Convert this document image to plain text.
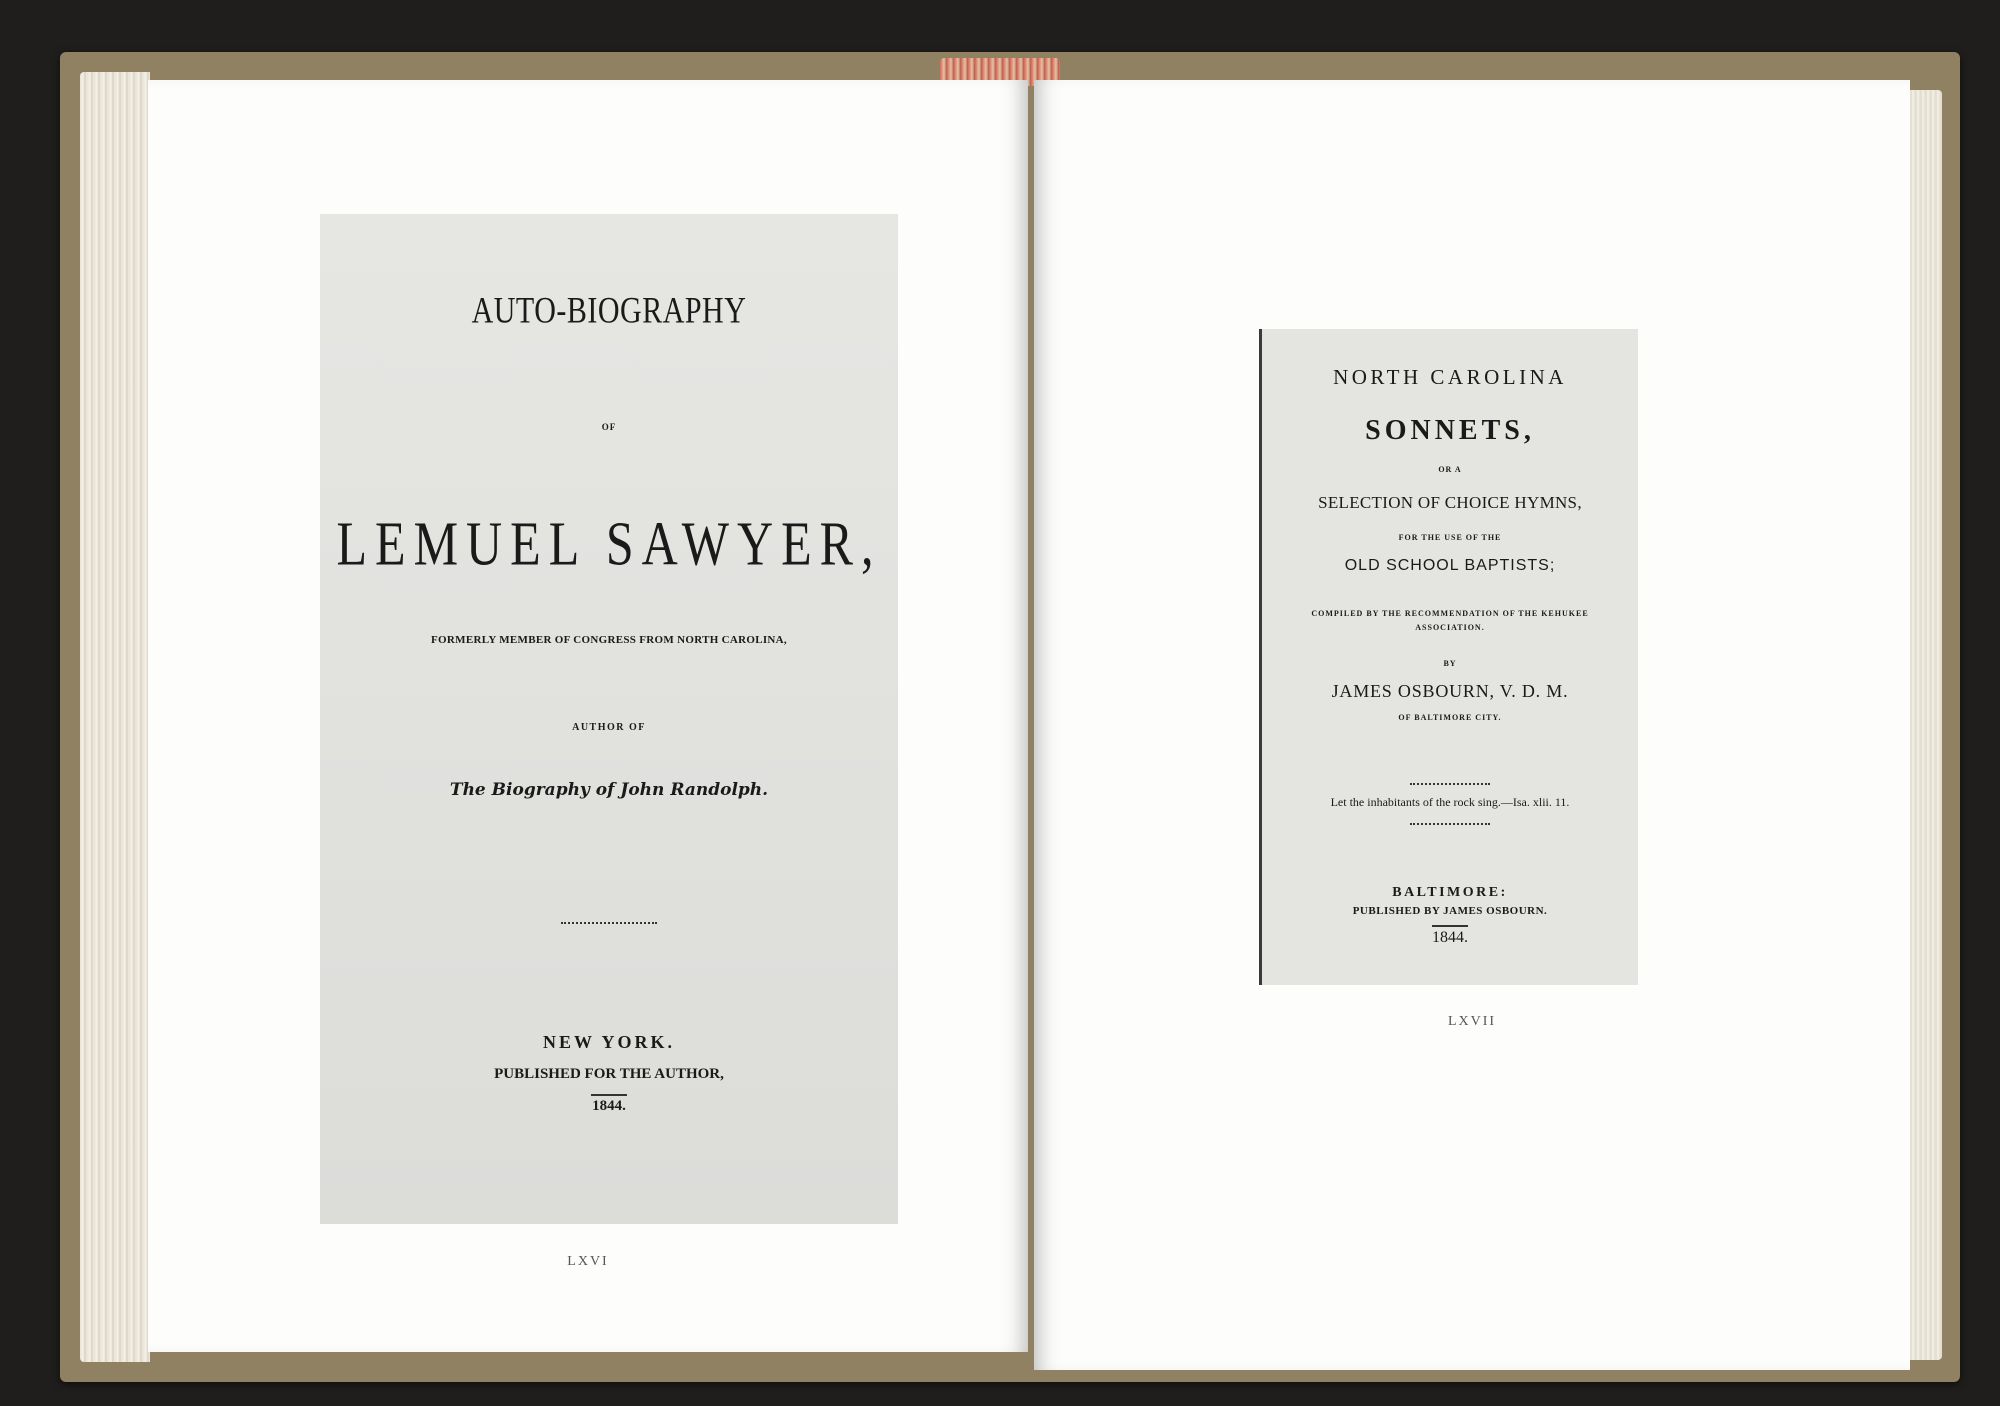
AUTO-BIOGRAPHY
OF
LEMUEL SAWYER,
FORMERLY MEMBER OF CONGRESS FROM NORTH CAROLINA,
AUTHOR OF
The Biography of John Randolph.
NEW YORK.
PUBLISHED FOR THE AUTHOR,
1844.
LXVI
NORTH CAROLINA
SONNETS,
OR A
SELECTION OF CHOICE HYMNS,
FOR THE USE OF THE
OLD SCHOOL BAPTISTS;
COMPILED BY THE RECOMMENDATION OF THE KEHUKEE
ASSOCIATION.
BY
JAMES OSBOURN, V. D. M.
OF BALTIMORE CITY.
Let the inhabitants of the rock sing.—Isa. xlii. 11.
BALTIMORE:
PUBLISHED BY JAMES OSBOURN.
1844.
LXVII
